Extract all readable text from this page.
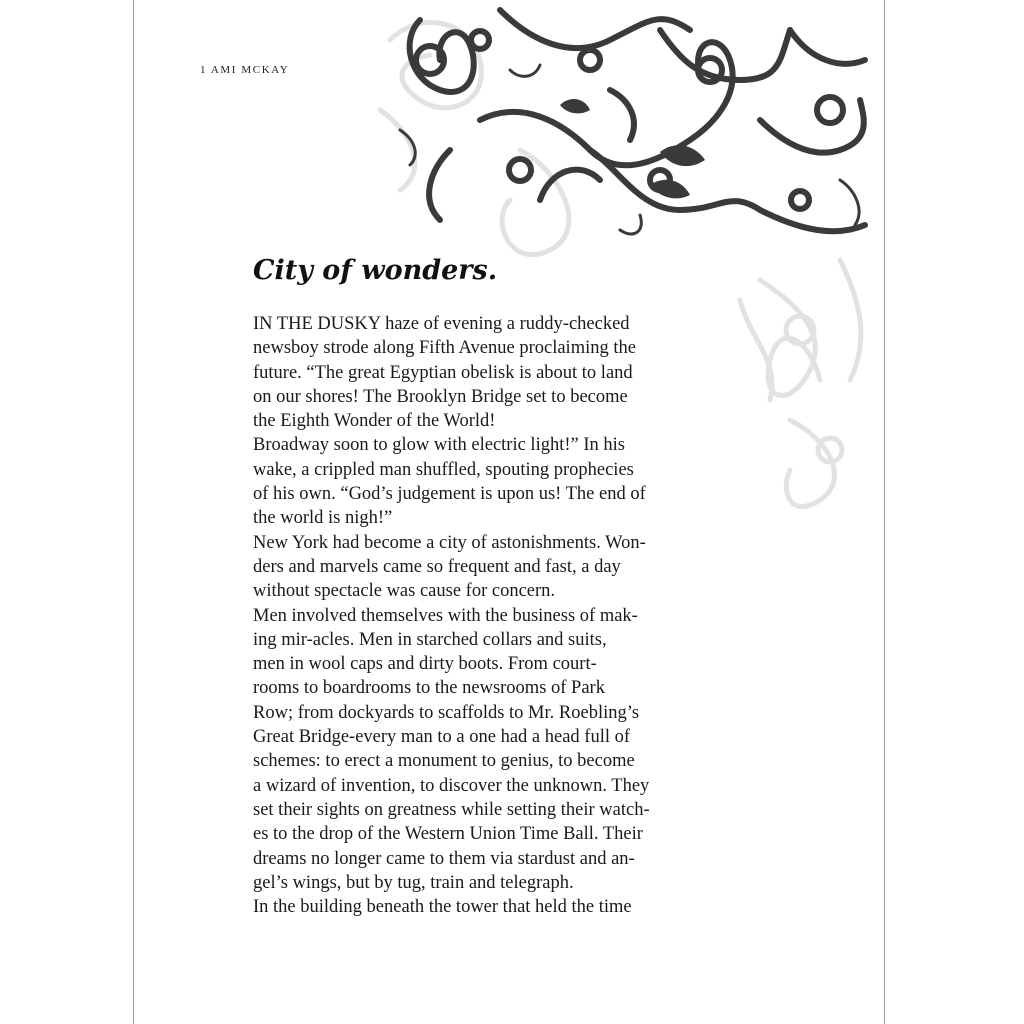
1 AMI MCKAY
City of wonders.
IN THE DUSKY haze of evening a ruddy-checked
newsboy strode along Fifth Avenue proclaiming the
future. “The great Egyptian obelisk is about to land
on our shores! The Brooklyn Bridge set to become
the Eighth Wonder of the World!
Broadway soon to glow with electric light!” In his
wake, a crippled man shuffled, spouting prophecies
of his own. “God’s judgement is upon us! The end of
the world is nigh!”
New York had become a city of astonishments. Won-
ders and marvels came so frequent and fast, a day
without spectacle was cause for concern.
Men involved themselves with the business of mak-
ing mir-acles. Men in starched collars and suits,
men in wool caps and dirty boots. From court-
rooms to boardrooms to the newsrooms of Park
Row; from dockyards to scaffolds to Mr. Roebling’s
Great Bridge-every man to a one had a head full of
schemes: to erect a monument to genius, to become
a wizard of invention, to discover the unknown. They
set their sights on greatness while setting their watch-
es to the drop of the Western Union Time Ball. Their
dreams no longer came to them via stardust and an-
gel’s wings, but by tug, train and telegraph.
In the building beneath the tower that held the time
